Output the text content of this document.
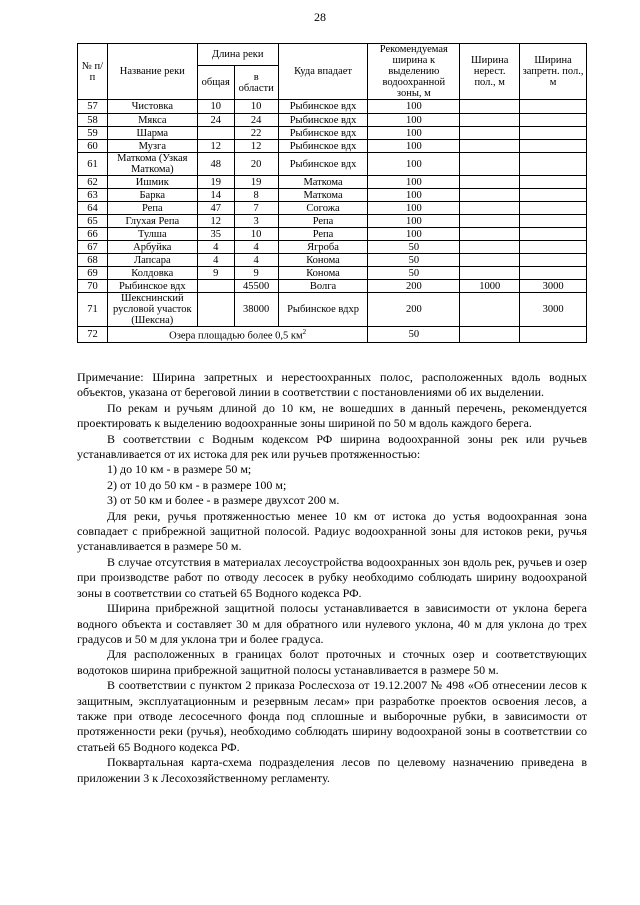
28
№ п/п	Название реки	Длина реки		Куда впадает	Рекомендуемая ширина к выделению водоохранной зоны, м	Ширина нерест. пол., м	Ширина запретн. пол., м
		общая	в области				
57	Чистовка	10	10	Рыбинское вдх	100		
58	Мякса	24	24	Рыбинское вдх	100		
59	Шарма		22	Рыбинское вдх	100		
60	Музга	12	12	Рыбинское вдх	100		
61	Маткома (Узкая Маткома)	48	20	Рыбинское вдх	100		
62	Ишмик	19	19	Маткома	100		
63	Барка	14	8	Маткома	100		
64	Репа	47	7	Согожа	100		
65	Глухая Репа	12	3	Репа	100		
66	Тулша	35	10	Репа	100		
67	Арбуйка	4	4	Ягроба	50		
68	Лапсара	4	4	Конома	50		
69	Колдовка	9	9	Конома	50		
70	Рыбинское вдх		45500	Волга	200	1000	3000
71	Шекснинский русловой участок (Шексна)		38000	Рыбинское вдхр	200		3000
72	Озера площадью более 0,5 $км^2$				50		

Примечание: Ширина запретных и нерестоохранных полос, расположенных вдоль водных объектов, указана от береговой линии в соответствии с постановлениями об их выделении.

По рекам и ручьям длиной до 10 км, не вошедших в данный перечень, рекомендуется проектировать к выделению водоохранные зоны шириной по 50 м вдоль каждого берега.

В соответствии с Водным кодексом РФ ширина водоохранной зоны рек или ручьев устанавливается от их истока для рек или ручьев протяженностью:

1) до 10 км - в размере 50 м;

2) от 10 до 50 км - в размере 100 м;

3) от 50 км и более - в размере двухсот 200 м.

Для реки, ручья протяженностью менее 10 км от истока до устья водоохранная зона совпадает с прибрежной защитной полосой. Радиус водоохранной зоны для истоков реки, ручья устанавливается в размере 50 м.

В случае отсутствия в материалах лесоустройства водоохранных зон вдоль рек, ручьев и озер при производстве работ по отводу лесосек в рубку необходимо соблюдать ширину водоохраной зоны в соответствии со статьей 65 Водного кодекса РФ.

Ширина прибрежной защитной полосы устанавливается в зависимости от уклона берега водного объекта и составляет 30 м для обратного или нулевого уклона, 40 м для уклона до трех градусов и 50 м для уклона три и более градуса.

Для расположенных в границах болот проточных и сточных озер и соответствующих водотоков ширина прибрежной защитной полосы устанавливается в размере 50 м.

В соответствии с пунктом 2 приказа Рослесхоза от 19.12.2007 № 498 «Об отнесении лесов к защитным, эксплуатационным и резервным лесам» при разработке проектов освоения лесов, а также при отводе лесосечного фонда под сплошные и выборочные рубки, в зависимости от протяженности реки (ручья), необходимо соблюдать ширину водоохраной зоны в соответствии со статьей 65 Водного кодекса РФ.

Поквартальная карта-схема подразделения лесов по целевому назначению приведена в приложении 3 к Лесохозяйственному регламенту.
